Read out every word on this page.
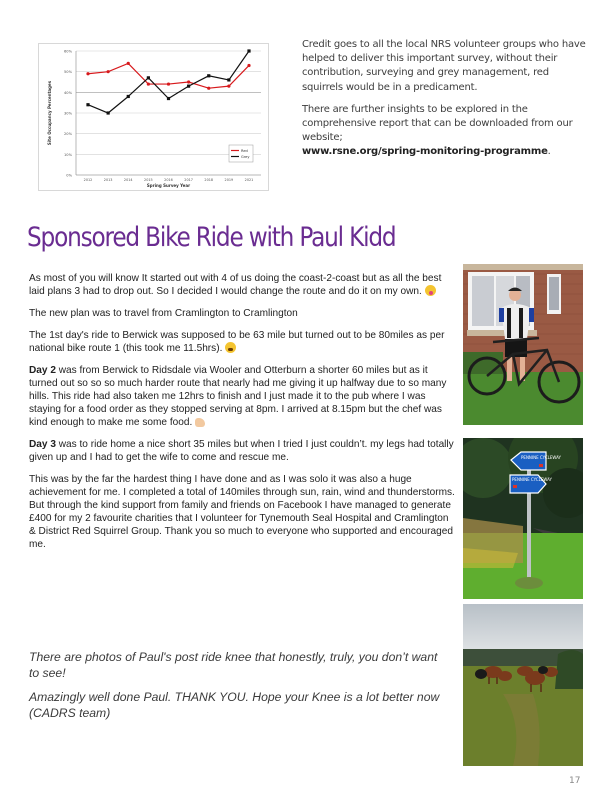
0%
10%
20%
30%
40%
50%
60%
2012	2013	2014	2015	2016	2017	2018	2019	2021
Spring Survey Year
Site Occupancy Percentages
Red
Grey

Credit goes to all the local NRS volunteer groups who have helped to deliver this important survey, without their contribution, surveying and grey management, red squirrels would be in a predicament.

There are further insights to be explored in the comprehensive report that can be downloaded from our website;
www.rsne.org/spring-monitoring-programme.

Sponsored Bike Ride with Paul Kidd

As most of you will know It started out with 4 of us doing the coast-2-coast but as all the best laid plans 3 had to drop out. So I decided I would change the route and do it on my own.

The new plan was to travel from Cramlington to Cramlington

The 1st day's ride to Berwick was supposed to be 63 mile but turned out to be 80miles as per national bike route 1 (this took me 11.5hrs).

Day 2 was from Berwick to Ridsdale via Wooler and Otterburn a shorter 60 miles but as it turned out so so so much harder route that nearly had me giving it up halfway due to so many hills. This ride had also taken me 12hrs to finish and I just made it to the pub where I was staying for a food order as they stopped serving at 8pm. I arrived at 8.15pm but the chef was kind enough to make me some food.

Day 3 was to ride home a nice short 35 miles but when I tried I just couldn’t. my legs had totally given up and I had to get the wife to come and rescue me.

This was by the far the hardest thing I have done and as I was solo it was also a huge achievement for me. I completed a total of 140miles through sun, rain, wind and thunderstorms. But through the kind support from family and friends on Facebook I have managed to generate £400 for my 2 favourite charities that I volunteer for Tynemouth Seal Hospital and Cramlington & District Red Squirrel Group. Thank you so much to everyone who supported and encouraged me.

There are photos of Paul's post ride knee that honestly, truly, you don’t want to see!

Amazingly well done Paul. THANK YOU. Hope your Knee is a lot better now (CADRS team)

PENNINE CYCLEWAY
PENNINE CYCLEWAY
17
